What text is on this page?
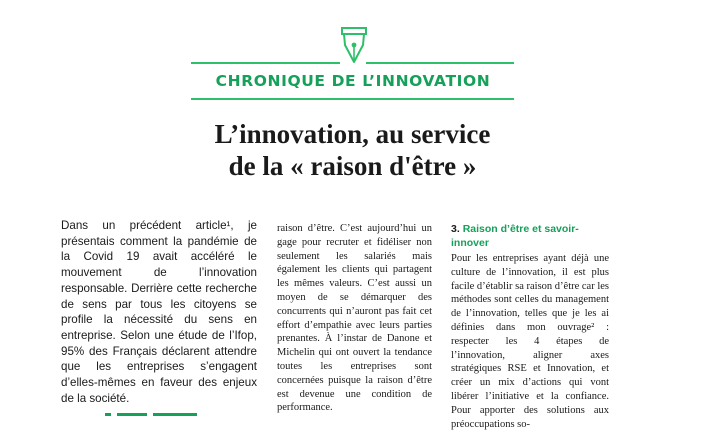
CHRONIQUE DE L’INNOVATION
L’innovation, au service
de la « raison d'être »
Dans un précédent article¹, je présentais comment la pandémie de la Covid 19 avait accéléré le mouvement de l’innovation responsable. Derrière cette recherche de sens par tous les citoyens se profile la nécessité du sens en entreprise. Selon une étude de l’Ifop, 95% des Français déclarent attendre que les entreprises s’engagent d’elles-mêmes en faveur des enjeux de la société.
raison d’être. C’est aujourd’hui un gage pour recruter et fidéliser non seulement les salariés mais également les clients qui partagent les mêmes valeurs. C’est aussi un moyen de se démarquer des concurrents qui n’auront pas fait cet effort d’empathie avec leurs parties prenantes. À l’instar de Danone et Michelin qui ont ouvert la tendance toutes les entreprises sont concernées puisque la raison d’être est devenue une condition de performance.
3. Raison d’être et savoir-innover
Pour les entreprises ayant déjà une culture de l’innovation, il est plus facile d’établir sa raison d’être car les méthodes sont celles du management de l’innovation, telles que je les ai définies dans mon ouvrage² : respecter les 4 étapes de l’innovation, aligner axes stratégiques RSE et Innovation, et créer un mix d’actions qui vont libérer l’initiative et la confiance. Pour apporter des solutions aux préoccupations so-
